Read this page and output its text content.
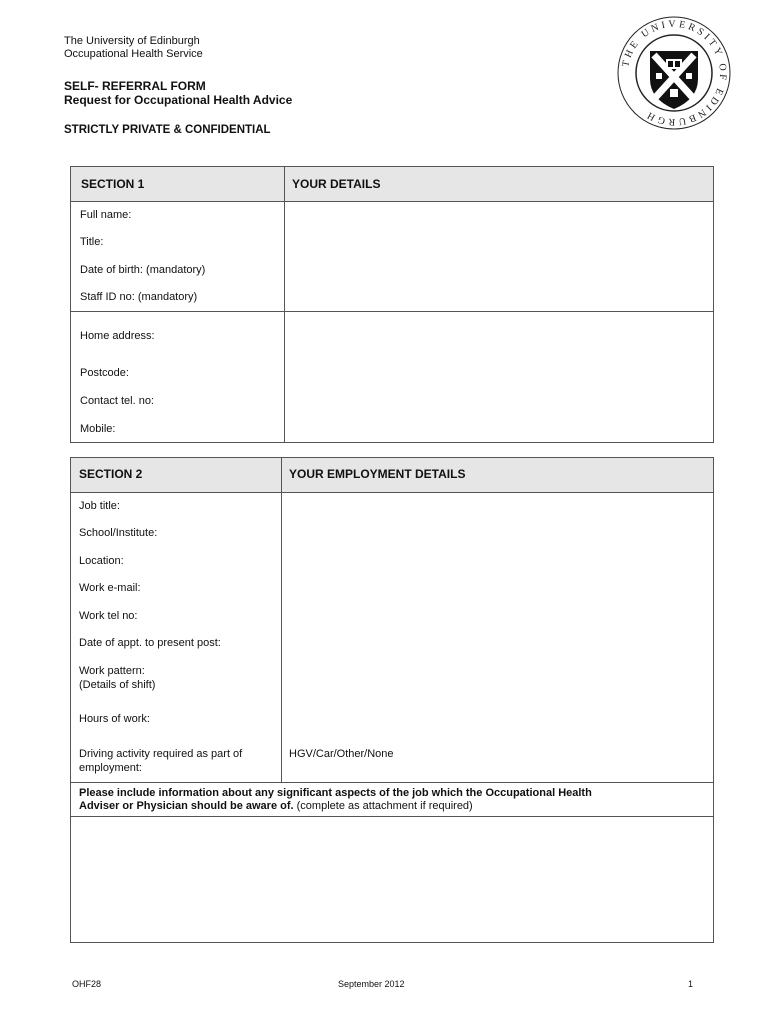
The University of Edinburgh
Occupational Health Service
SELF- REFERRAL FORM
Request for Occupational Health Advice
STRICTLY PRIVATE & CONFIDENTIAL
THE UNIVERSITY OF EDINBURGH
SECTION 1	YOUR DETAILS
Full name:
Title:
Date of birth: (mandatory)
Staff ID no: (mandatory)
Home address:
Postcode:
Contact tel. no:
Mobile:
SECTION 2	YOUR EMPLOYMENT DETAILS
Job title:
School/Institute:
Location:
Work e-mail:
Work tel no:
Date of appt. to present post:
Work pattern:
(Details of shift)
Hours of work:
Driving activity required as part of
employment:
HGV/Car/Other/None
Please include information about any significant aspects of the job which the Occupational Health
Adviser or Physician should be aware of. (complete as attachment if required)
OHF28	September 2012	1
